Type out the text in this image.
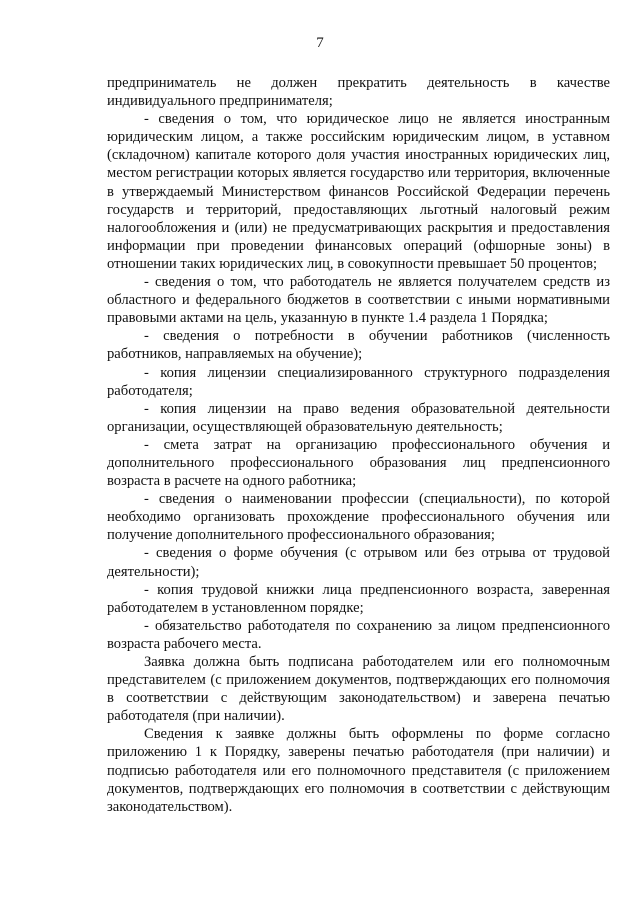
7

предприниматель не должен прекратить деятельность в качестве индивидуального предпринимателя;

- сведения о том, что юридическое лицо не является иностранным юридическим лицом, а также российским юридическим лицом, в уставном (складочном) капитале которого доля участия иностранных юридических лиц, местом регистрации которых является государство или территория, включенные в утверждаемый Министерством финансов Российской Федерации перечень государств и территорий, предоставляющих льготный налоговый режим налогообложения и (или) не предусматривающих раскрытия и предоставления информации при проведении финансовых операций (офшорные зоны) в отношении таких юридических лиц, в совокупности превышает 50 процентов;

- сведения о том, что работодатель не является получателем средств из областного и федерального бюджетов в соответствии с иными нормативными правовыми актами на цель, указанную в пункте 1.4 раздела 1 Порядка;

- сведения о потребности в обучении работников (численность работников, направляемых на обучение);

- копия лицензии специализированного структурного подразделения работодателя;

- копия лицензии на право ведения образовательной деятельности организации, осуществляющей образовательную деятельность;

- смета затрат на организацию профессионального обучения и дополнительного профессионального образования лиц предпенсионного возраста в расчете на одного работника;

- сведения о наименовании профессии (специальности), по которой необходимо организовать прохождение профессионального обучения или получение дополнительного профессионального образования;

- сведения о форме обучения (с отрывом или без отрыва от трудовой деятельности);

- копия трудовой книжки лица предпенсионного возраста, заверенная работодателем в установленном порядке;

- обязательство работодателя по сохранению за лицом предпенсионного возраста рабочего места.

Заявка должна быть подписана работодателем или его полномочным представителем (с приложением документов, подтверждающих его полномочия в соответствии с действующим законодательством) и заверена печатью работодателя (при наличии).

Сведения к заявке должны быть оформлены по форме согласно приложению 1 к Порядку, заверены печатью работодателя (при наличии) и подписью работодателя или его полномочного представителя (с приложением документов, подтверждающих его полномочия в соответствии с действующим законодательством).
